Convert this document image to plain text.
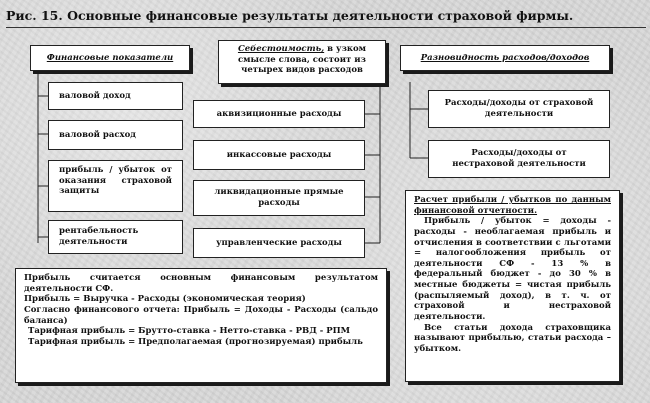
Рис. 15. Основные финансовые результаты деятельности страховой фирмы.
Финансовые показатели
Себестоимость, в узком смысле слова, состоит из четырех видов расходов
Разновидность расходов/доходов
валовой доход
валовой расход
прибыль / убыток от оказания страховой защиты
рентабельность деятельности
аквизиционные расходы
инкассовые расходы
ликвидационные прямые расходы
управленческие расходы
Расходы/доходы от страховой деятельности
Расходы/доходы от нестраховой деятельности

Расчет прибыли / убытков по данным финансовой отчетности.

Прибыль / убыток = доходы - расходы - необлагаемая прибыль и отчисления в соответствии с льготами = налогообложения прибыль от деятельности СФ - 13 % в федеральный бюджет - до 30 % в местные бюджеты = чистая прибыль (распыляемый доход), в т. ч. от страховой и нестраховой деятельности.

Все статьи дохода страховщика называют прибылью, статьи расхода – убытком.

Прибыль считается основным финансовым результатом деятельности СФ.

Прибыль = Выручка - Расходы (экономическая теория)

Согласно финансового отчета: Прибыль = Доходы - Расходы (сальдо баланса)

Тарифная прибыль = Брутто-ставка - Нетто-ставка - РВД - РПМ

Тарифная прибыль = Предполагаемая (прогнозируемая) прибыль
